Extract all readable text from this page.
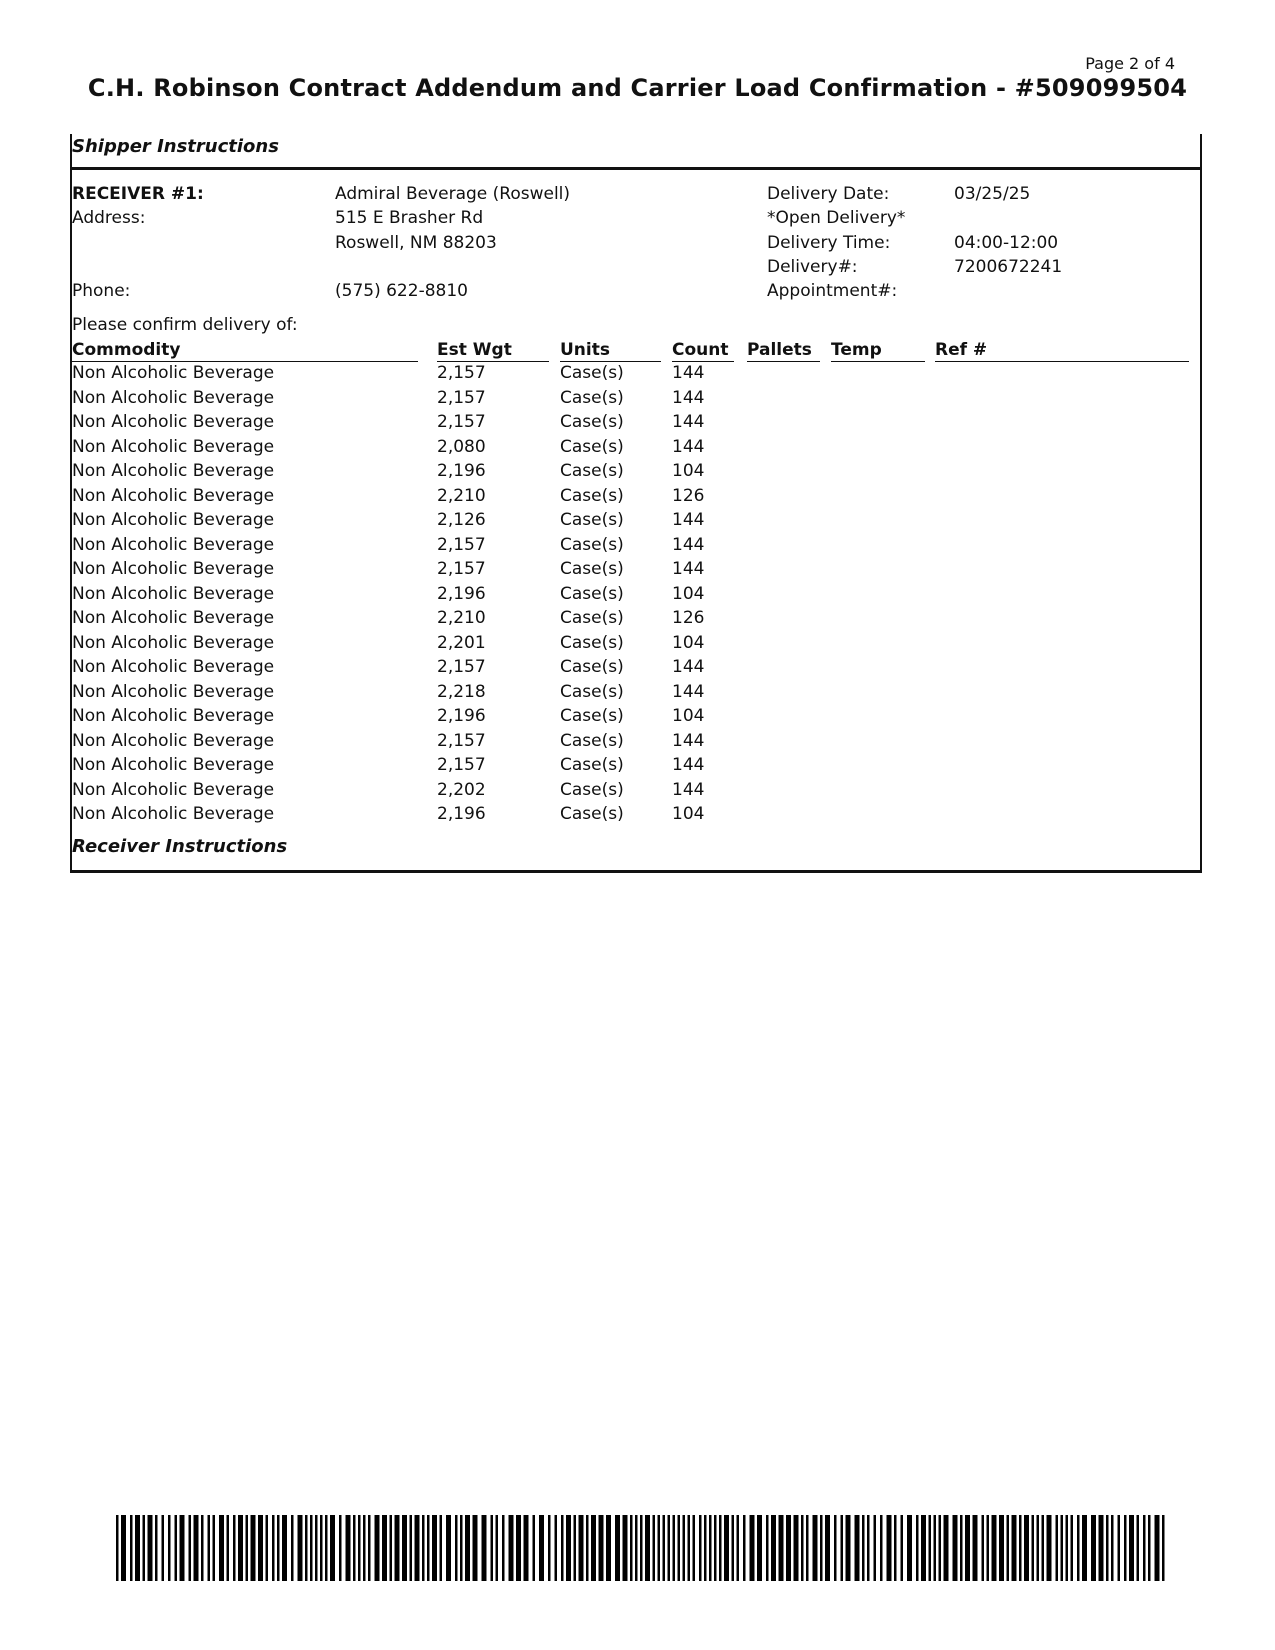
Page 2 of 4
C.H. Robinson Contract Addendum and Carrier Load Confirmation - #509099504
Shipper Instructions
RECEIVER #1:	Admiral Beverage (Roswell)
Address:	515 E Brasher Rd
Roswell, NM 88203
Phone:	(575) 622-8810
Delivery Date:	03/25/25
*Open Delivery*
Delivery Time:	04:00-12:00
Delivery#:	7200672241
Appointment#:
Please confirm delivery of:
Commodity	Est Wgt	Units	Count	Pallets	Temp	Ref #
Non Alcoholic Beverage	2,157	Case(s)	144
Non Alcoholic Beverage	2,157	Case(s)	144
Non Alcoholic Beverage	2,157	Case(s)	144
Non Alcoholic Beverage	2,080	Case(s)	144
Non Alcoholic Beverage	2,196	Case(s)	104
Non Alcoholic Beverage	2,210	Case(s)	126
Non Alcoholic Beverage	2,126	Case(s)	144
Non Alcoholic Beverage	2,157	Case(s)	144
Non Alcoholic Beverage	2,157	Case(s)	144
Non Alcoholic Beverage	2,196	Case(s)	104
Non Alcoholic Beverage	2,210	Case(s)	126
Non Alcoholic Beverage	2,201	Case(s)	104
Non Alcoholic Beverage	2,157	Case(s)	144
Non Alcoholic Beverage	2,218	Case(s)	144
Non Alcoholic Beverage	2,196	Case(s)	104
Non Alcoholic Beverage	2,157	Case(s)	144
Non Alcoholic Beverage	2,157	Case(s)	144
Non Alcoholic Beverage	2,202	Case(s)	144
Non Alcoholic Beverage	2,196	Case(s)	104
Receiver Instructions
